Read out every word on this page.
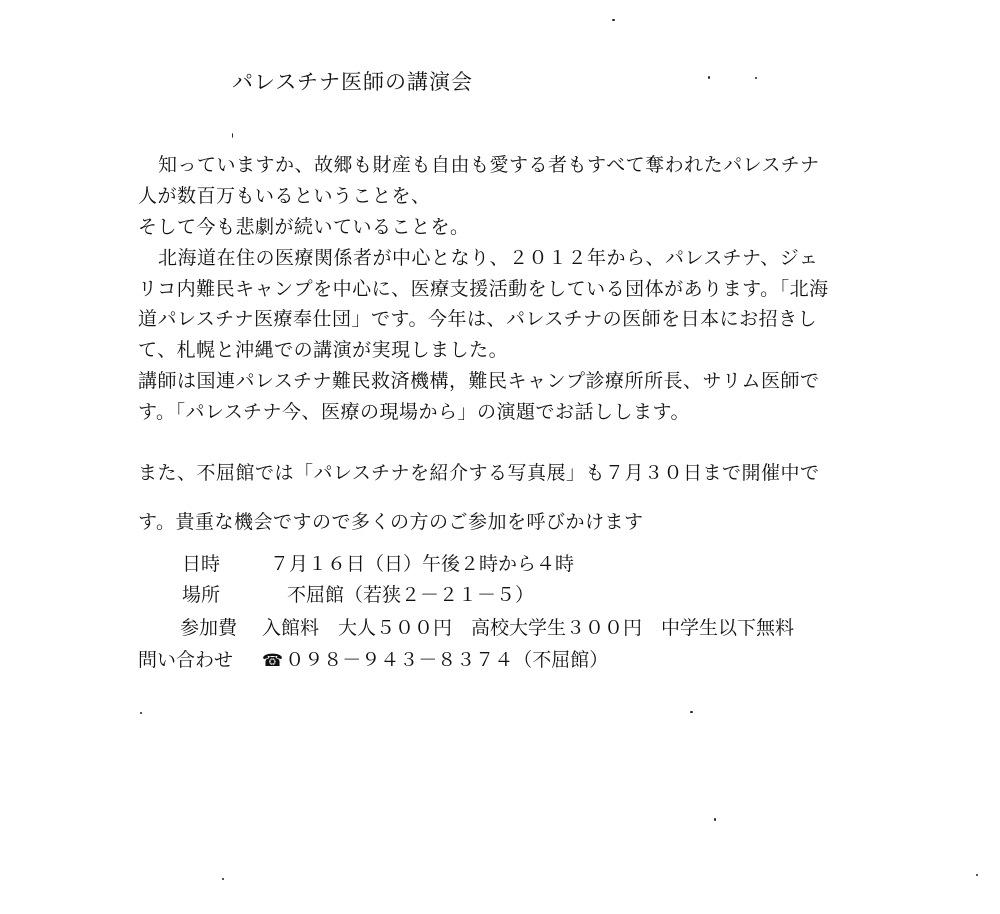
パレスチナ医師の講演会
知っていますか、故郷も財産も自由も愛する者もすべて奪われたパレスチナ
人が数百万もいるということを、
そして今も悲劇が続いていることを。
北海道在住の医療関係者が中心となり、２０１２年から、パレスチナ、ジェ
リコ内難民キャンプを中心に、医療支援活動をしている団体があります。「北海
道パレスチナ医療奉仕団」です。今年は、パレスチナの医師を日本にお招きし
て、札幌と沖縄での講演が実現しました。
講師は国連パレスチナ難民救済機構，難民キャンプ診療所所長、サリム医師で
す。「パレスチナ今、医療の現場から」の演題でお話しします。
また、不屈館では「パレスチナを紹介する写真展」も７月３０日まで開催中で
す。貴重な機会ですので多くの方のご参加を呼びかけます
日時	７月１６日（日）午後２時から４時
場所	不屈館（若狭２－２１－５）
参加費 入館料　大人５００円　高校大学生３００円　中学生以下無料
問い合わせ ☎ ０９８－９４３－８３７４（不屈館）
